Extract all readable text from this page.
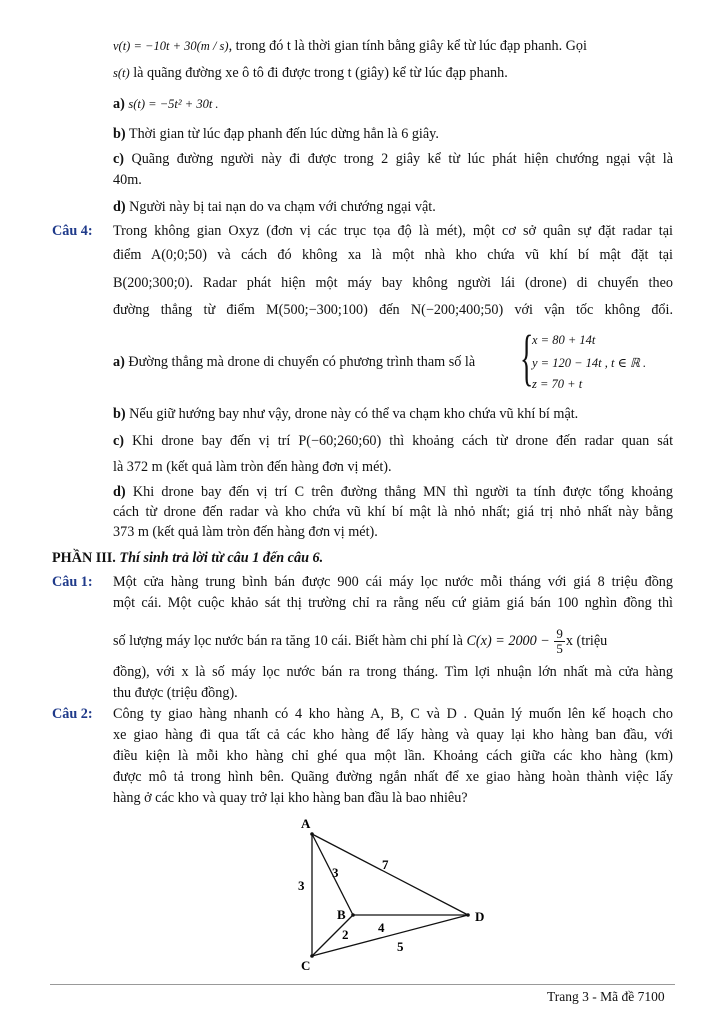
v(t) = −10t + 30(m / s), trong đó t là thời gian tính bằng giây kể từ lúc đạp phanh. Gọi
s(t) là quãng đường xe ô tô đi được trong t (giây) kể từ lúc đạp phanh.
a) s(t) = −5t² + 30t .
b) Thời gian từ lúc đạp phanh đến lúc dừng hẳn là 6 giây.
c) Quãng đường người này đi được trong 2 giây kể từ lúc phát hiện chướng ngại vật là
40m.
d) Người này bị tai nạn do va chạm với chướng ngại vật.
Câu 4: Trong không gian Oxyz (đơn vị các trục tọa độ là mét), một cơ sở quân sự đặt radar tại
điểm A(0;0;50) và cách đó không xa là một nhà kho chứa vũ khí bí mật đặt tại
B(200;300;0). Radar phát hiện một máy bay không người lái (drone) di chuyển theo
đường thẳng từ điểm M(500;−300;100) đến N(−200;400;50) với vận tốc không đổi.
a) Đường thẳng mà drone di chuyển có phương trình tham số là {
x = 80 + 14t
y = 120 − 14t , t ∈ ℝ .
z = 70 + t
b) Nếu giữ hướng bay như vậy, drone này có thể va chạm kho chứa vũ khí bí mật.
c) Khi drone bay đến vị trí P(−60;260;60) thì khoảng cách từ drone đến radar quan sát
là 372 m (kết quả làm tròn đến hàng đơn vị mét).
d) Khi drone bay đến vị trí C trên đường thẳng MN thì người ta tính được tổng khoảng
cách từ drone đến radar và kho chứa vũ khí bí mật là nhỏ nhất; giá trị nhỏ nhất này bằng
373 m (kết quả làm tròn đến hàng đơn vị mét).
PHẦN III. Thí sinh trả lời từ câu 1 đến câu 6.
Câu 1: Một cửa hàng trung bình bán được 900 cái máy lọc nước mỗi tháng với giá 8 triệu đồng
một cái. Một cuộc khảo sát thị trường chỉ ra rằng nếu cứ giảm giá bán 100 nghìn đồng thì
số lượng máy lọc nước bán ra tăng 10 cái. Biết hàm chi phí là $C(x) = 2000 - \frac{9}{5}$ x (triệu
đồng), với x là số máy lọc nước bán ra trong tháng. Tìm lợi nhuận lớn nhất mà cửa hàng
thu được (triệu đồng).
Câu 2: Công ty giao hàng nhanh có 4 kho hàng A, B, C và D . Quản lý muốn lên kế hoạch cho
xe giao hàng đi qua tất cả các kho hàng để lấy hàng và quay lại kho hàng ban đầu, với
điều kiện là mỗi kho hàng chỉ ghé qua một lần. Khoảng cách giữa các kho hàng (km)
được mô tả trong hình bên. Quãng đường ngắn nhất để xe giao hàng hoàn thành việc lấy
hàng ở các kho và quay trở lại kho hàng ban đầu là bao nhiêu?
A
B
C
D
3
3
7
4
2
5
Trang 3 - Mã đề 7100
